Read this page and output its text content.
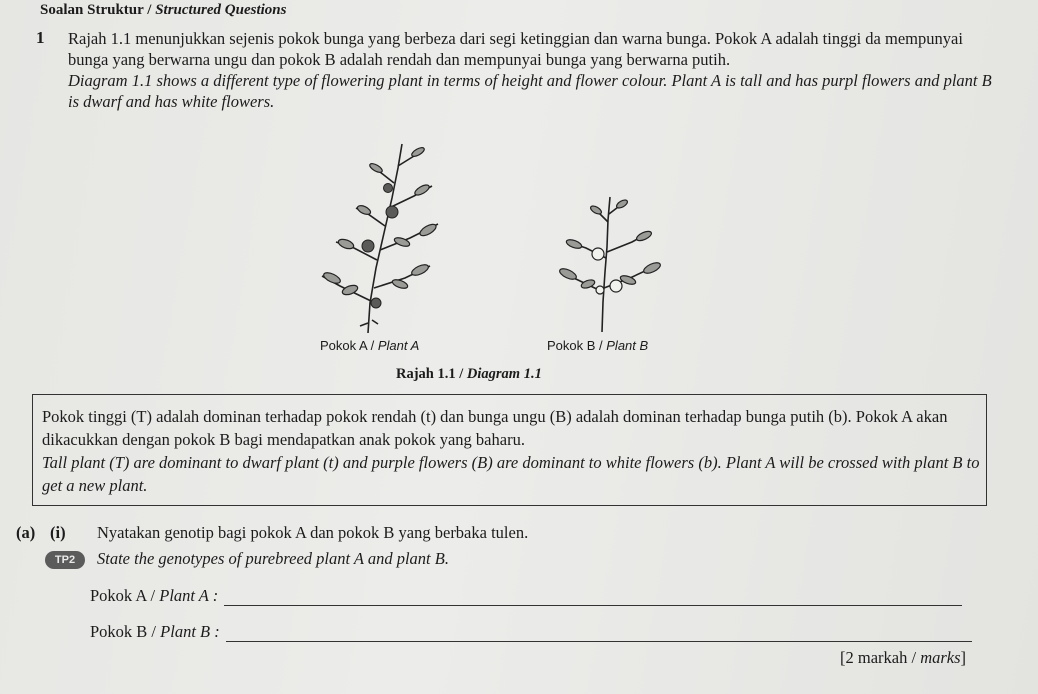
Soalan Struktur / Structured Questions
1 Rajah 1.1 menunjukkan sejenis pokok bunga yang berbeza dari segi ketinggian dan warna bunga. Pokok A adalah tinggi da mempunyai bunga yang berwarna ungu dan pokok B adalah rendah dan mempunyai bunga yang berwarna putih.
Diagram 1.1 shows a different type of flowering plant in terms of height and flower colour. Plant A is tall and has purpl flowers and plant B is dwarf and has white flowers.
Pokok A / Plant A	Pokok B / Plant B
Rajah 1.1 / Diagram 1.1
Pokok tinggi (T) adalah dominan terhadap pokok rendah (t) dan bunga ungu (B) adalah dominan terhadap bunga putih (b). Pokok A akan dikacukkan dengan pokok B bagi mendapatkan anak pokok yang baharu.
Tall plant (T) are dominant to dwarf plant (t) and purple flowers (B) are dominant to white flowers (b). Plant A will be crossed with plant B to get a new plant.
(a) (i) Nyatakan genotip bagi pokok A dan pokok B yang berbaka tulen.
TP2	State the genotypes of purebreed plant A and plant B.
Pokok A / Plant A :
Pokok B / Plant B :
[2 markah / marks]
